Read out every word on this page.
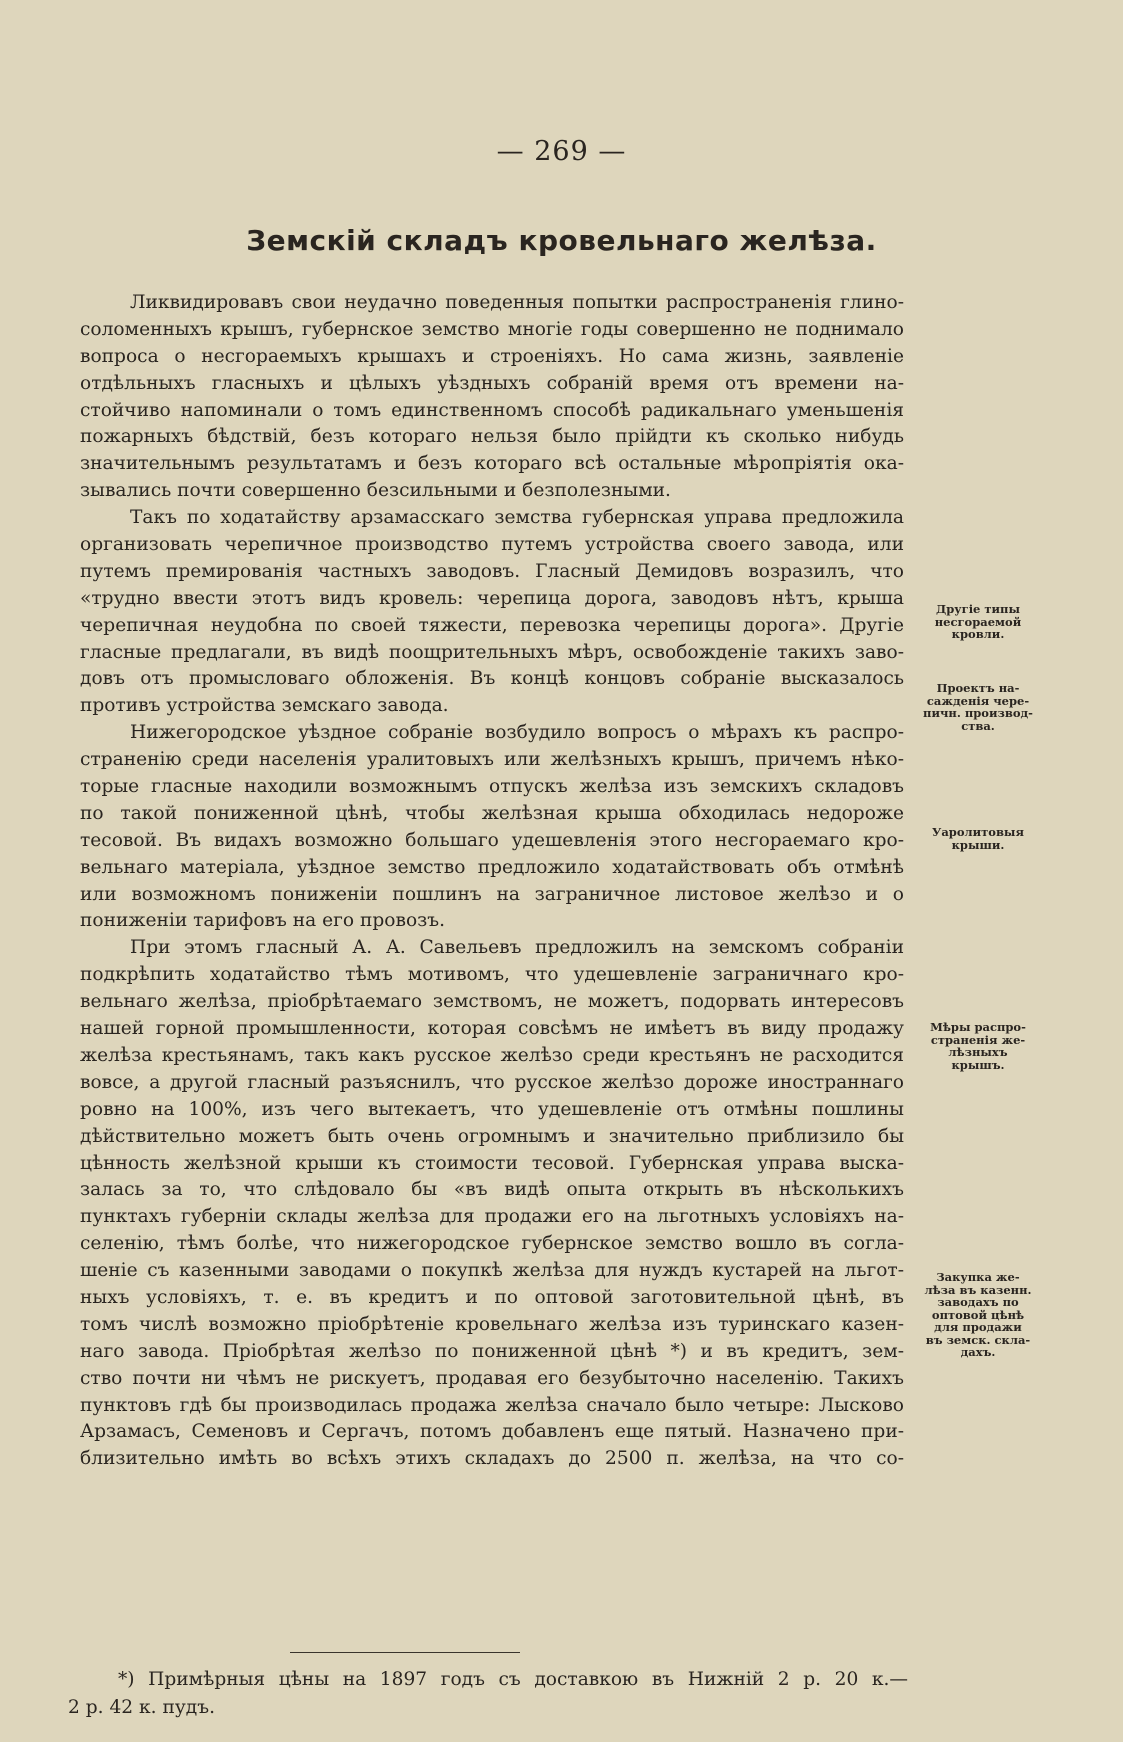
— 269 —
Земскiй складъ кровельнаго желѣза.
Ликвидировавъ свои неудачно поведенныя попытки распространенiя глино-
соломенныхъ крышъ, губернское земство многiе годы совершенно не поднимало
вопроса о несгораемыхъ крышахъ и строенiяхъ. Но сама жизнь, заявленiе
отдѣльныхъ гласныхъ и цѣлыхъ уѣздныхъ собранiй время отъ времени на-
стойчиво напоминали о томъ единственномъ способѣ радикальнаго уменьшенiя
пожарныхъ бѣдствiй, безъ котораго нельзя было прiйдти къ сколько нибудь
значительнымъ результатамъ и безъ котораго всѣ остальные мѣропрiятiя ока-
зывались почти совершенно безсильными и безполезными.
Такъ по ходатайству арзамасскаго земства губернская управа предложила
организовать черепичное производство путемъ устройства своего завода, или
путемъ премированiя частныхъ заводовъ. Гласный Демидовъ возразилъ, что
«трудно ввести этотъ видъ кровель: черепица дорога, заводовъ нѣтъ, крыша
черепичная неудобна по своей тяжести, перевозка черепицы дорога». Другiе
гласные предлагали, въ видѣ поощрительныхъ мѣръ, освобожденiе такихъ заво-
довъ отъ промысловаго обложенiя. Въ концѣ концовъ собранiе высказалось
противъ устройства земскаго завода.
Нижегородское уѣздное собранiе возбудило вопросъ о мѣрахъ къ распро-
страненiю среди населенiя уралитовыхъ или желѣзныхъ крышъ, причемъ нѣко-
торые гласные находили возможнымъ отпускъ желѣза изъ земскихъ складовъ
по такой пониженной цѣнѣ, чтобы желѣзная крыша обходилась недороже
тесовой. Въ видахъ возможно большаго удешевленiя этого несгораемаго кро-
вельнаго матерiала, уѣздное земство предложило ходатайствовать объ отмѣнѣ
или возможномъ пониженiи пошлинъ на заграничное листовое желѣзо и о
пониженiи тарифовъ на его провозъ.
При этомъ гласный А. А. Савельевъ предложилъ на земскомъ собранiи
подкрѣпить ходатайство тѣмъ мотивомъ, что удешевленiе заграничнаго кро-
вельнаго желѣза, прiобрѣтаемаго земствомъ, не можетъ, подорвать интересовъ
нашей горной промышленности, которая совсѣмъ не имѣетъ въ виду продажу
желѣза крестьянамъ, такъ какъ русское желѣзо среди крестьянъ не расходится
вовсе, а другой гласный разъяснилъ, что русское желѣзо дороже иностраннаго
ровно на 100%, изъ чего вытекаетъ, что удешевленiе отъ отмѣны пошлины
дѣйствительно можетъ быть очень огромнымъ и значительно приблизило бы
цѣнность желѣзной крыши къ стоимости тесовой. Губернская управа выска-
залась за то, что слѣдовало бы «въ видѣ опыта открыть въ нѣсколькихъ
пунктахъ губернiи склады желѣза для продажи его на льготныхъ условiяхъ на-
селенiю, тѣмъ болѣе, что нижегородское губернское земство вошло въ согла-
шенiе съ казенными заводами о покупкѣ желѣза для нуждъ кустарей на льгот-
ныхъ условiяхъ, т. е. въ кредитъ и по оптовой заготовительной цѣнѣ, въ
томъ числѣ возможно прiобрѣтенiе кровельнаго желѣза изъ туринскаго казен-
наго завода. Прiобрѣтая желѣзо по пониженной цѣнѣ *) и въ кредитъ, зем-
ство почти ни чѣмъ не рискуетъ, продавая его безубыточно населенiю. Такихъ
пунктовъ гдѣ бы производилась продажа желѣза сначало было четыре: Лысково
Арзамасъ, Семеновъ и Сергачъ, потомъ добавленъ еще пятый. Назначено при-
близительно имѣть во всѣхъ этихъ складахъ до 2500 п. желѣза, на что со-
Другiе типы
несгораемой
кровли.
Проектъ на-
сажденiя чере-
пичн. производ-
ства.
Уаролитовыя
крыши.
Мѣры распро-
страненiя же-
лѣзныхъ
крышъ.
Закупка же-
лѣза въ казенн.
заводахъ по
оптовой цѣнѣ
для продажи
въ земск. скла-
дахъ.
*) Примѣрныя цѣны на 1897 годъ съ доставкою въ Нижнiй 2 р. 20 к.—
2 р. 42 к. пудъ.
